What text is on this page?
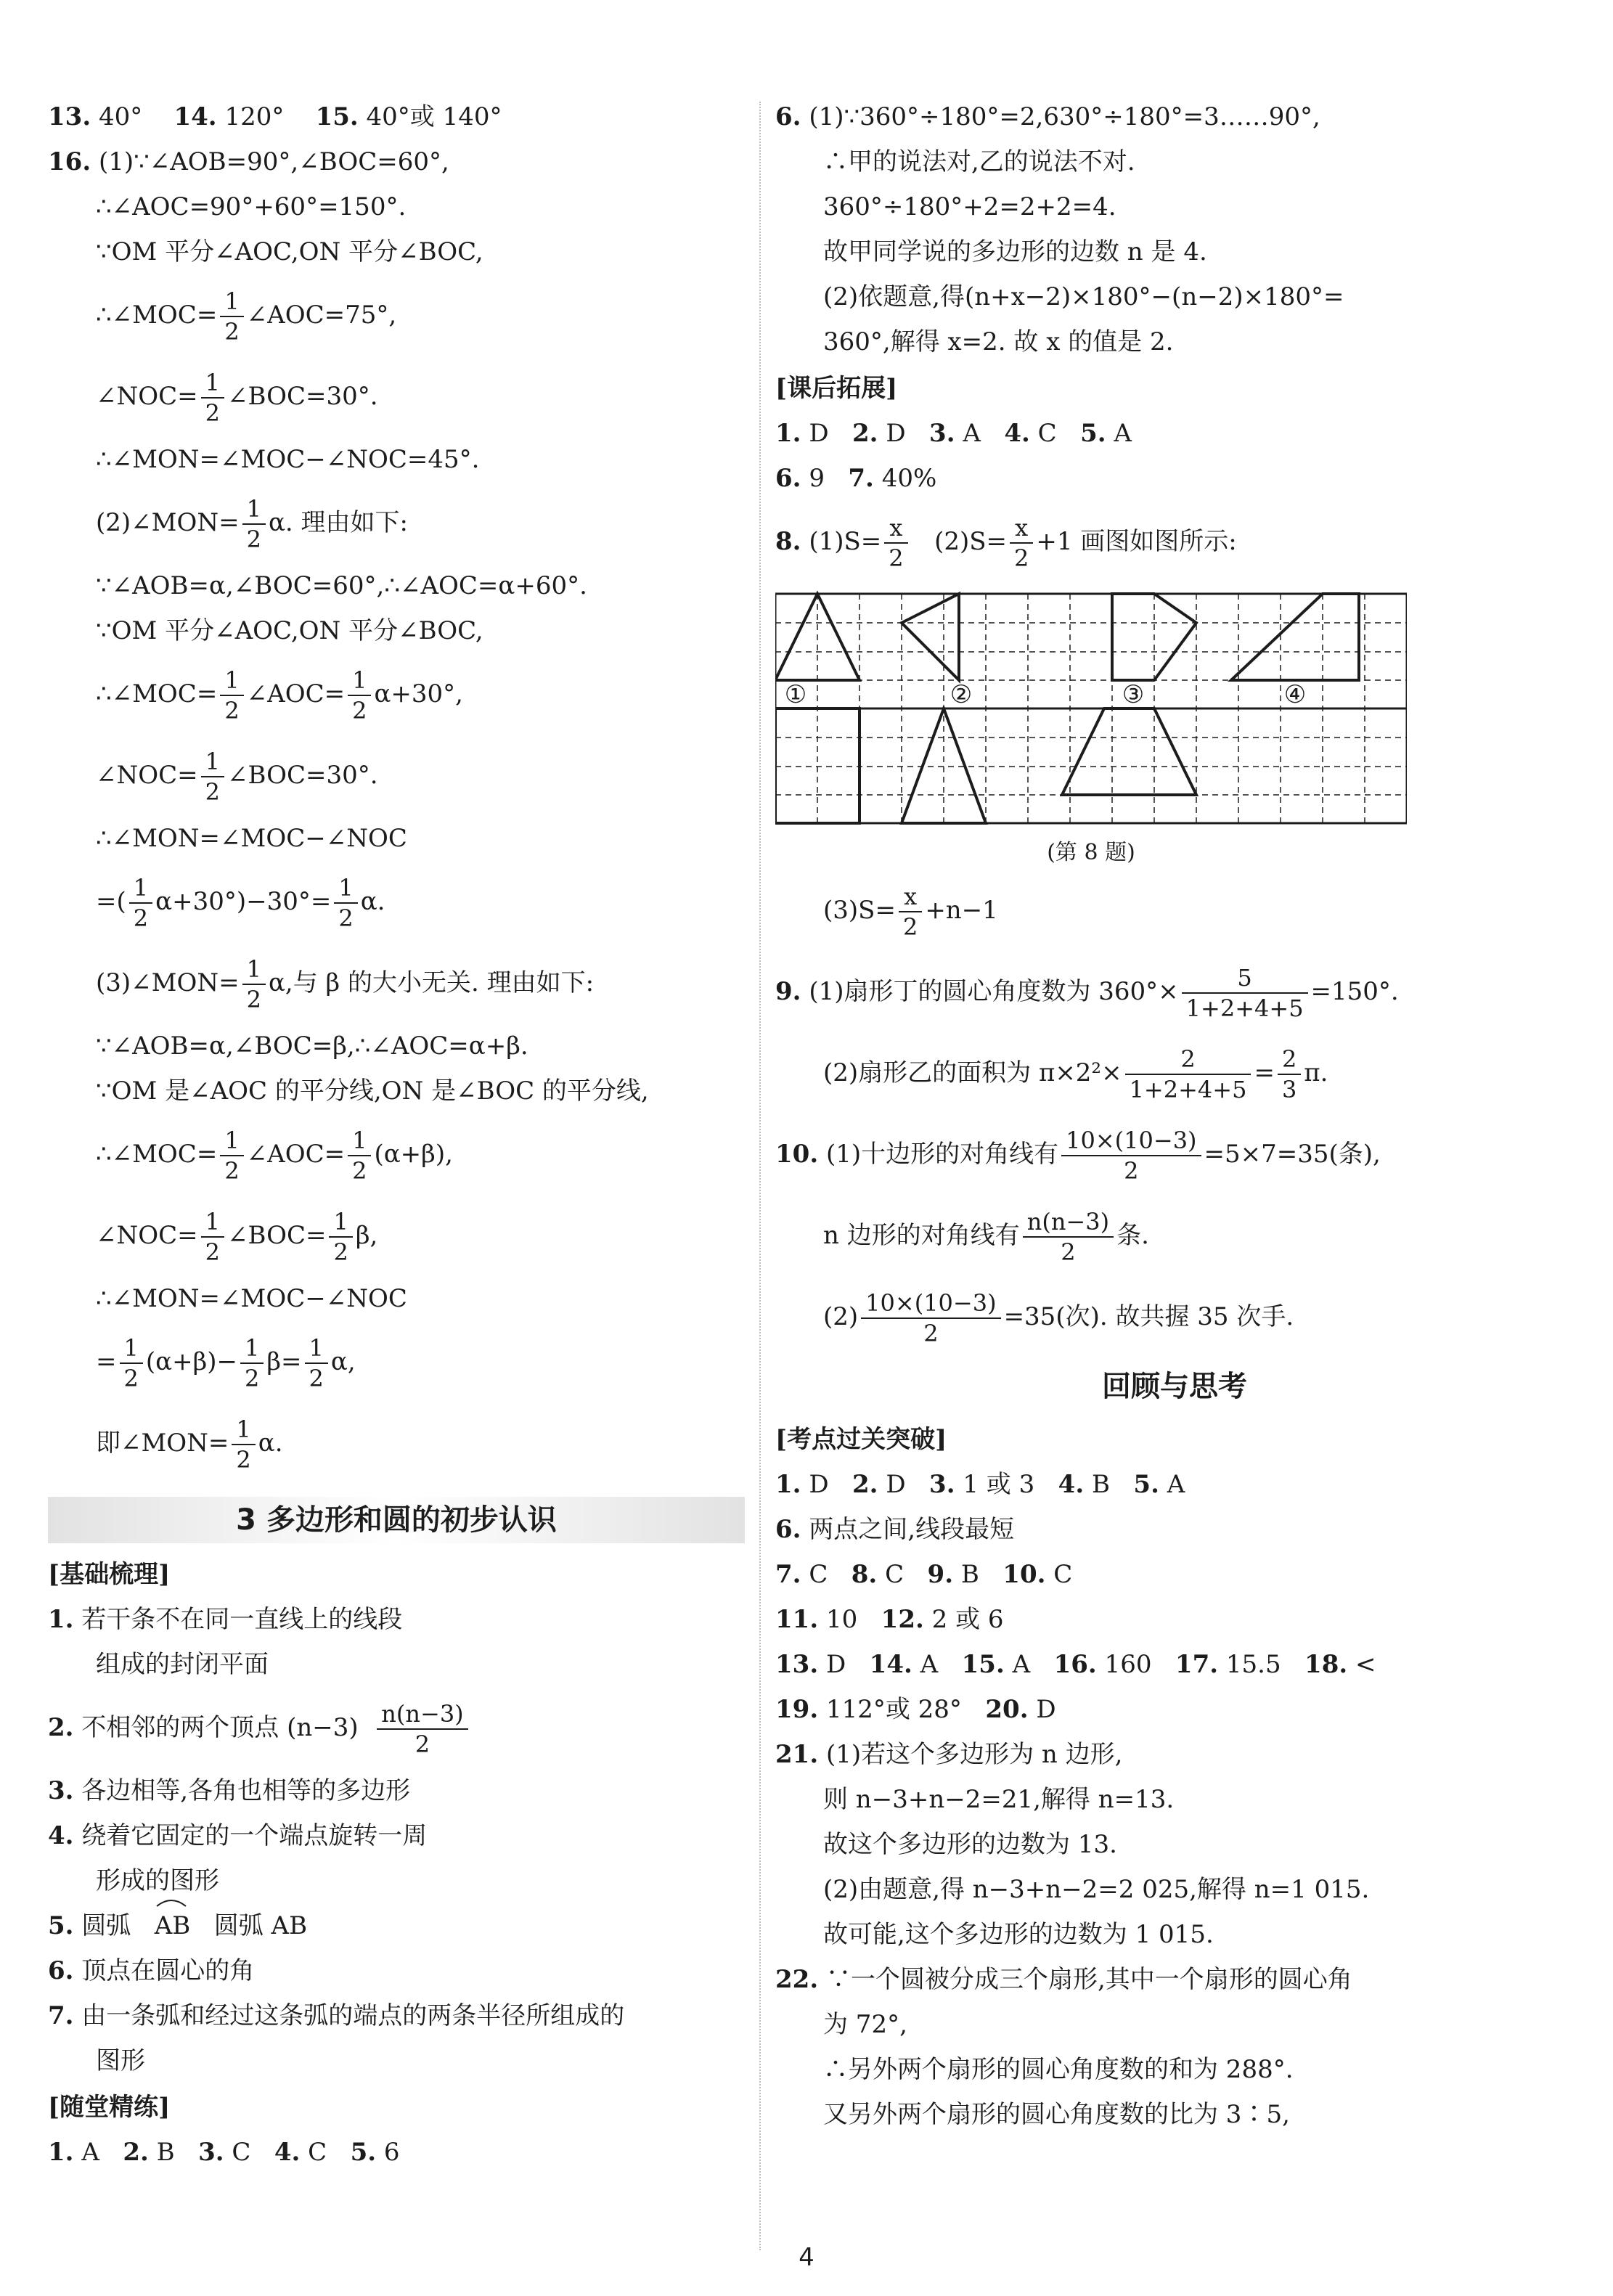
13. 40° 14. 120° 15. 40°或 140°
16. (1)∵∠AOB=90°,∠BOC=60°,
∴∠AOC=90°+60°=150°.
∵OM 平分∠AOC,ON 平分∠BOC,
∴∠MOC= $\frac{1}{2}$ ∠AOC=75°,
∠NOC= $\frac{1}{2}$ ∠BOC=30°.
∴∠MON=∠MOC−∠NOC=45°.
(2)∠MON= $\frac{1}{2} \alpha$. 理由如下:
∵∠AOB=α,∠BOC=60°,∴∠AOC=α+60°.
∵OM 平分∠AOC,ON 平分∠BOC,
∴∠MOC= $\frac{1}{2}$ ∠AOC= $\frac{1}{2} \alpha+30^\circ$,
∠NOC= $\frac{1}{2}$ ∠BOC=30°.
∴∠MON=∠MOC−∠NOC
=( $\frac{1}{2} \alpha+30^\circ)-30^\circ= \frac{1}{2} \alpha$.
(3)∠MON= $\frac{1}{2} \alpha$,与 β 的大小无关. 理由如下:
∵∠AOB=α,∠BOC=β,∴∠AOC=α+β.
∵OM 是∠AOC 的平分线,ON 是∠BOC 的平分线,
∴∠MOC= $\frac{1}{2}$ ∠AOC= $\frac{1}{2} (\alpha+\beta)$,
∠NOC= $\frac{1}{2}$ ∠BOC= $\frac{1}{2} \beta$,
∴∠MON=∠MOC−∠NOC
= $\frac{1}{2} (\alpha+\beta)- \frac{1}{2} \beta= \frac{1}{2} \alpha$,
即∠MON= $\frac{1}{2} \alpha$.
3 多边形和圆的初步认识
[基础梳理]
1. 若干条不在同一直线上的线段
组成的封闭平面
2. 不相邻的两个顶点 $(n-3) \frac{n(n-3)}{2}$
3. 各边相等,各角也相等的多边形
4. 绕着它固定的一个端点旋转一周
形成的图形
5. 圆弧 AB 圆弧 AB
6. 顶点在圆心的角
7. 由一条弧和经过这条弧的端点的两条半径所组成的
图形
[随堂精练]
1. A 2. B 3. C 4. C 5. 6
6. (1)∵360°÷180°=2,630°÷180°=3……90°,
∴甲的说法对,乙的说法不对.
360°÷180°+2=2+2=4.
故甲同学说的多边形的边数 n 是 4.
(2)依题意,得(n+x−2)×180°−(n−2)×180°=
360°,解得 x=2. 故 x 的值是 2.
[课后拓展]
1. D 2. D 3. A 4. C 5. A
6. 9 7. 40%
8. $(1)S= \frac{x}{2} (2)S= \frac{x}{2} +1$ 画图如图所示:
①	②	③	④
(第 8 题)
$(3)S= \frac{x}{2} +n-1$
9. (1)扇形丁的圆心角度数为 $360^\circ\times \frac{5}{1+2+4+5} =150^\circ$.
(2)扇形乙的面积为 $\pi\times 2^2\times \frac{2}{1+2+4+5} = \frac{2}{3} \pi$.
10. (1)十边形的对角线有 $\frac{10\times(10-3)}{2} =5\times 7=35$(条),
n 边形的对角线有 $\frac{n(n-3)}{2}$ 条.
$(2) \frac{10\times(10-3)}{2} =35$(次). 故共握 35 次手.
回顾与思考
[考点过关突破]
1. D 2. D 3. 1 或 3 4. B 5. A
6. 两点之间,线段最短
7. C 8. C 9. B 10. C
11. 10 12. 2 或 6
13. D 14. A 15. A 16. 160 17. 15.5 18. <
19. 112°或 28° 20. D
21. (1)若这个多边形为 n 边形,
则 n−3+n−2=21,解得 n=13.
故这个多边形的边数为 13.
(2)由题意,得 n−3+n−2=2 025,解得 n=1 015.
故可能,这个多边形的边数为 1 015.
22. ∵一个圆被分成三个扇形,其中一个扇形的圆心角
为 72°,
∴另外两个扇形的圆心角度数的和为 288°.
又另外两个扇形的圆心角度数的比为 3∶5,
4
